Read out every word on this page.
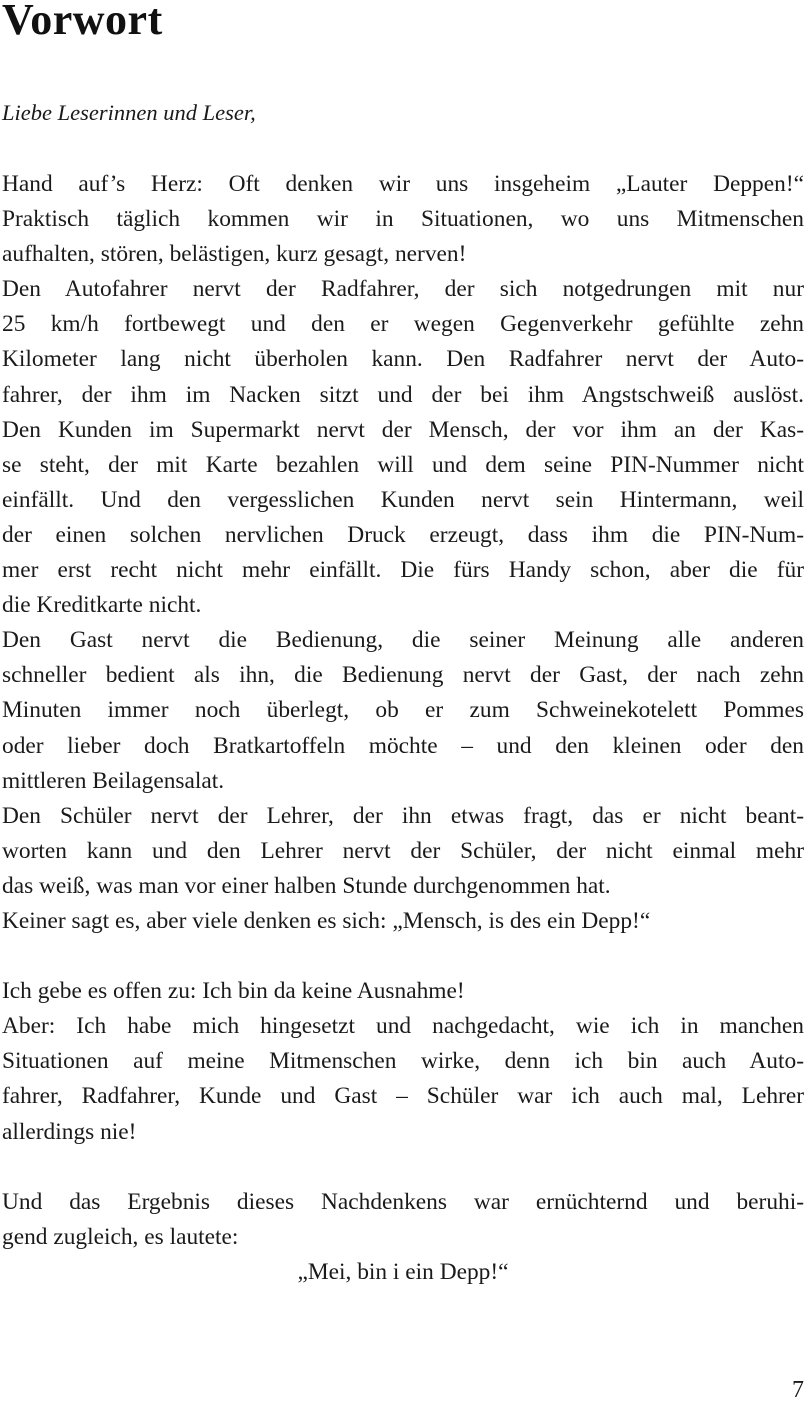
Vorwort
Liebe Leserinnen und Leser,
Hand auf’s Herz: Oft denken wir uns insgeheim „Lauter Deppen!“
Praktisch täglich kommen wir in Situationen, wo uns Mitmenschen
aufhalten, stören, belästigen, kurz gesagt, nerven!
Den Autofahrer nervt der Radfahrer, der sich notgedrungen mit nur
25 km/h fortbewegt und den er wegen Gegenverkehr gefühlte zehn
Kilometer lang nicht überholen kann. Den Radfahrer nervt der Auto-
fahrer, der ihm im Nacken sitzt und der bei ihm Angstschweiß auslöst.
Den Kunden im Supermarkt nervt der Mensch, der vor ihm an der Kas-
se steht, der mit Karte bezahlen will und dem seine PIN-Nummer nicht
einfällt. Und den vergesslichen Kunden nervt sein Hintermann, weil
der einen solchen nervlichen Druck erzeugt, dass ihm die PIN-Num-
mer erst recht nicht mehr einfällt. Die fürs Handy schon, aber die für
die Kreditkarte nicht.
Den Gast nervt die Bedienung, die seiner Meinung alle anderen
schneller bedient als ihn, die Bedienung nervt der Gast, der nach zehn
Minuten immer noch überlegt, ob er zum Schweinekotelett Pommes
oder lieber doch Bratkartoffeln möchte – und den kleinen oder den
mittleren Beilagensalat.
Den Schüler nervt der Lehrer, der ihn etwas fragt, das er nicht beant-
worten kann und den Lehrer nervt der Schüler, der nicht einmal mehr
das weiß, was man vor einer halben Stunde durchgenommen hat.
Keiner sagt es, aber viele denken es sich: „Mensch, is des ein Depp!“
Ich gebe es offen zu: Ich bin da keine Ausnahme!
Aber: Ich habe mich hingesetzt und nachgedacht, wie ich in manchen
Situationen auf meine Mitmenschen wirke, denn ich bin auch Auto-
fahrer, Radfahrer, Kunde und Gast – Schüler war ich auch mal, Lehrer
allerdings nie!
Und das Ergebnis dieses Nachdenkens war ernüchternd und beruhi-
gend zugleich, es lautete:
„Mei, bin i ein Depp!“
7
